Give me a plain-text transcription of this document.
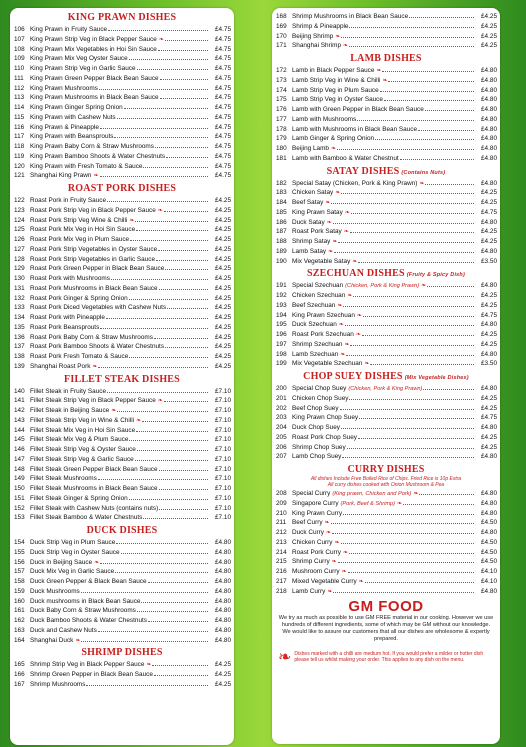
KING PRAWN DISHES
106 King Prawn in Fruity Sauce	£4.75
107 King Prawn Strip Veg in Black Pepper Sauce ❧	£4.75
108 King Prawn Mix Vegetables in Hoi Sin Sauce	£4.75
109 King Prawn Mix Veg Oyster Sauce	£4.75
110 King Prawn Strip Veg in Garlic Sauce	£4.75
111 King Prawn Green Pepper Black Bean Sauce	£4.75
112 King Prawn Mushrooms	£4.75
113 King Prawn Mushrooms in Black Bean Sauce	£4.75
114 King Prawn Ginger Spring Onion	£4.75
115 King Prawn with Cashew Nuts	£4.75
116 King Prawn & Pineapple	£4.75
117 King Prawn with Beansprouts	£4.75
118 King Prawn Baby Corn & Straw Mushrooms	£4.75
119 King Prawn Bamboo Shoots & Water Chestnuts	£4.75
120 King Prawn with Fresh Tomato & Sauce	£4.75
121 Shanghai King Prawn ❧	£4.75
ROAST PORK DISHES
122 Roast Pork in Fruity Sauce	£4.25
123 Roast Pork Strip Veg in Black Pepper Sauce ❧	£4.25
124 Roast Pork Strip Veg Wine & Chilli ❧	£4.25
125 Roast Pork Mix Veg in Hoi Sin Sauce	£4.25
126 Roast Pork Mix Veg in Plum Sauce	£4.25
127 Roast Pork Strip Vegetables in Oyster Sauce	£4.25
128 Roast Pork Strip Vegetables in Garlic Sauce	£4.25
129 Roast Pork Green Pepper in Black Bean Sauce	£4.25
130 Roast Pork with Mushrooms	£4.25
131 Roast Pork Mushrooms in Black Bean Sauce	£4.25
132 Roast Pork Ginger & Spring Onion	£4.25
133 Roast Pork Diced Vegetables with Cashew Nuts	£4.25
134 Roast Pork with Pineapple	£4.25
135 Roast Pork Beansprouts	£4.25
136 Roast Pork Baby Corn & Straw Mushrooms	£4.25
137 Roast Pork Bamboo Shoots & Water Chestnuts	£4.25
138 Roast Pork Fresh Tomato & Sauce	£4.25
139 Shanghai Roast Pork ❧	£4.25
FILLET STEAK DISHES
140 Fillet Steak in Fruity Sauce	£7.10
141 Fillet Steak Strip Veg in Black Pepper Sauce ❧	£7.10
142 Fillet Steak in Beijing Sauce ❧	£7.10
143 Fillet Steak Strip Veg in Wine & Chilli ❧	£7.10
144 Fillet Steak Mix Veg in Hoi Sin Sauce	£7.10
145 Fillet Steak Mix Veg & Plum Sauce	£7.10
146 Fillet Steak Strip Veg & Oyster Sauce	£7.10
147 Fillet Steak Strip Veg & Garlic Sauce	£7.10
148 Fillet Steak Green Pepper Black Bean Sauce	£7.10
149 Fillet Steak Mushrooms	£7.10
150 Fillet Steak Mushrooms in Black Bean Sauce	£7.10
151 Fillet Steak Ginger & Spring Onion	£7.10
152 Fillet Steak with Cashew Nuts (contains nuts)	£7.10
153 Fillet Steak Bamboo & Water Chestnuts	£7.10
DUCK DISHES
154 Duck Strip Veg in Plum Sauce	£4.80
155 Duck Strip Veg in Oyster Sauce	£4.80
156 Duck in Beijing Sauce ❧	£4.80
157 Duck Mix Veg in Garlic Sauce	£4.80
158 Duck Green Pepper & Black Bean Sauce	£4.80
159 Duck Mushrooms	£4.80
160 Duck mushrooms in Black Bean Sauce	£4.80
161 Duck Baby Corn & Straw Mushrooms	£4.80
162 Duck Bamboo Shoots & Water Chestnuts	£4.80
163 Duck and Cashew Nuts	£4.80
164 Shanghai Duck ❧	£4.80
SHRIMP DISHES
165 Shrimp Strip Veg in Black Pepper Sauce ❧	£4.25
166 Shrimp Green Pepper in Black Bean Sauce	£4.25
167 Shrimp Mushrooms	£4.25
168 Shrimp Mushrooms in Black Bean Sauce	£4.25
169 Shrimp & Pineapple	£4.25
170 Beijing Shrimp ❧	£4.25
171 Shanghai Shrimp ❧	£4.25
LAMB DISHES
172 Lamb in Black Pepper Sauce ❧	£4.80
173 Lamb Strip Veg in Wine & Chilli ❧	£4.80
174 Lamb Strip Veg in Plum Sauce	£4.80
175 Lamb Strip Veg in Oyster Sauce	£4.80
176 Lamb with Green Pepper in Black Bean Sauce	£4.80
177 Lamb with Mushrooms	£4.80
178 Lamb with Mushrooms in Black Bean Sauce	£4.80
179 Lamb Ginger & Spring Onion	£4.80
180 Beijing Lamb ❧	£4.80
181 Lamb with Bamboo & Water Chestnut	£4.80
SATAY DISHES (Contains Nuts)
182 Special Satay (Chicken, Pork & King Prawn) ❧	£4.80
183 Chicken Satay ❧	£4.25
184 Beef Satay ❧	£4.25
185 King Prawn Satay ❧	£4.75
186 Duck Satay ❧	£4.80
187 Roast Pork Satay ❧	£4.25
188 Shrimp Satay ❧	£4.25
189 Lamb Satay ❧	£4.80
190 Mix Vegetable Satay ❧	£3.50
SZECHUAN DISHES (Fruity & Spicy Dish)
191 Special Szechuan (Chicken, Pork & King Prawn) ❧	£4.80
192 Chicken Szechuan ❧	£4.25
193 Beef Szechuan ❧	£4.25
194 King Prawn Szechuan ❧	£4.75
195 Duck Szechuan ❧	£4.80
196 Roast Pork Szechuan ❧	£4.25
197 Shrimp Szechuan ❧	£4.25
198 Lamb Szechuan ❧	£4.80
199 Mix Vegetable Szechuan ❧	£3.50
CHOP SUEY DISHES (Mix Vegetable Dishes)
200 Special Chop Suey (Chicken, Pork & King Prawn)	£4.80
201 Chicken Chop Suey	£4.25
202 Beef Chop Suey	£4.25
203 King Prawn Chop Suey	£4.75
204 Duck Chop Suey	£4.80
205 Roast Pork Chop Suey	£4.25
206 Shrimp Chop Suey	£4.25
207 Lamb Chop Suey	£4.80
CURRY DISHES
All dishes Include Free Boiled Rice of Chips. Fried Rice is 10p Extra
All curry dishes cooked with Onion Mushroom & Pea
208 Special Curry (King prawn, Chicken and Pork) ❧	£4.80
209 Singapore Curry (Pork, Beef & Shrimp) ❧	£4.80
210 King Prawn Curry	£4.80
211 Beef Curry ❧	£4.50
212 Duck Curry ❧	£4.80
213 Chicken Curry ❧	£4.50
214 Roast Pork Curry ❧	£4.50
215 Shrimp Curry ❧	£4.50
216 Mushroom Curry ❧	£4.10
217 Mixed Vegetable Curry ❧	£4.10
218 Lamb Curry ❧	£4.80
GM FOOD
We try as much as possible to use GM FREE material in our cooking. However we use hundreds of different ingredients, some of which may be GM without our knowledge. We would like to assure our customers that all our dishes are wholesome & expertly prepared.
❧ Dishes marked with a chilli are medium hot. If you would prefer a milder or hotter dish please tell us whilst making your order. This applies to any dish on the menu.
